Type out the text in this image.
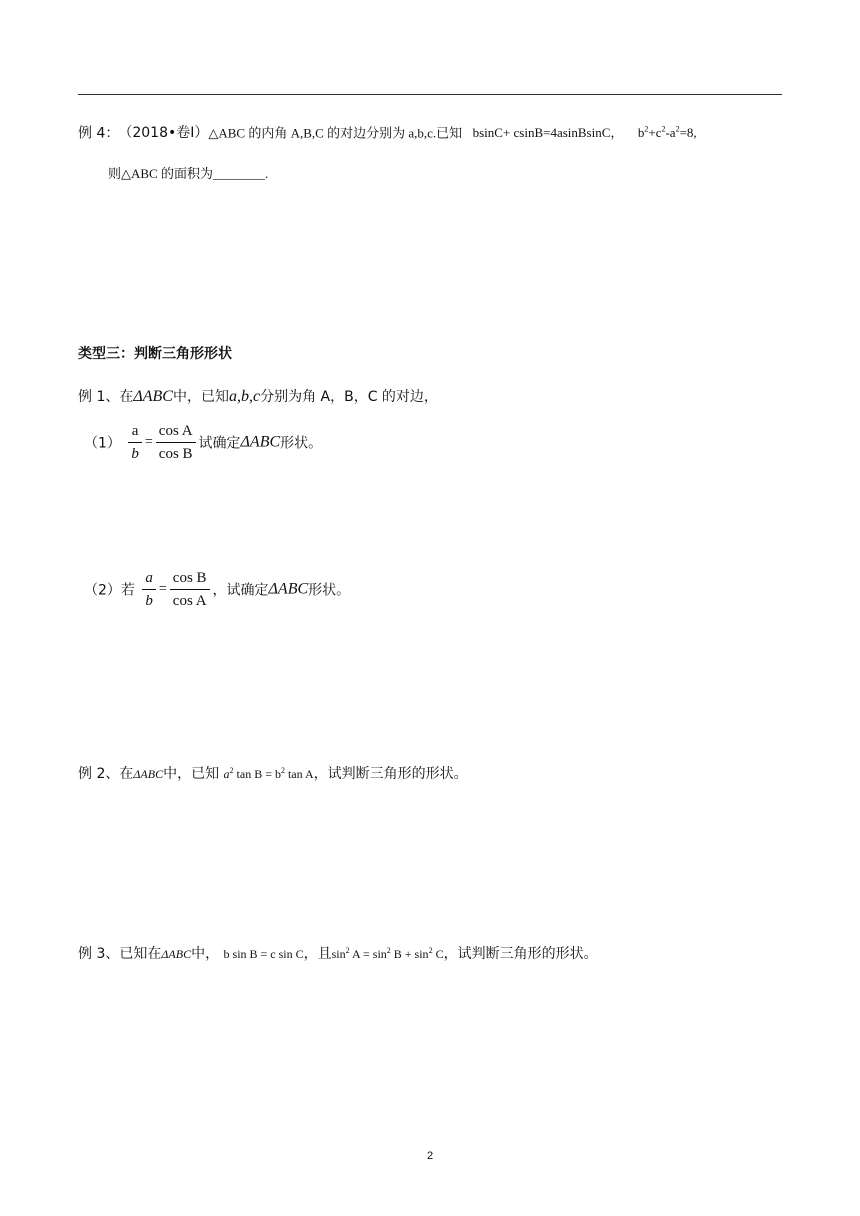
例 4： （2018•卷Ⅰ）△ABC 的内角 A,B,C 的对边分别为 a,b,c.已知 bsinC+ csinB=4asinBsinC， $b^2+c^2-a^2=8$,
则△ABC 的面积为________.
类型三：判断三角形形状
例 1、在ΔABC中，已知a,b,c分别为角 A，B，C 的对边，
$(1) \frac{a}{b} = \frac{\text{cos A}}{\text{cos B}}$ 试确定ΔABC形状。
（2）若 $\frac{a}{b} = \frac{\text{cos B}}{\text{cos A}}$ ，试确定ΔABC形状。
例 2、在ΔABC中，已知 $a^2$ $\tan B = b^2$ tan A，试判断三角形的形状。
例 3、已知在ΔABC中， b sin B = c sin C，且$\sin^2 A = \sin^2 B + \sin^2 C$，试判断三角形的形状。
2
